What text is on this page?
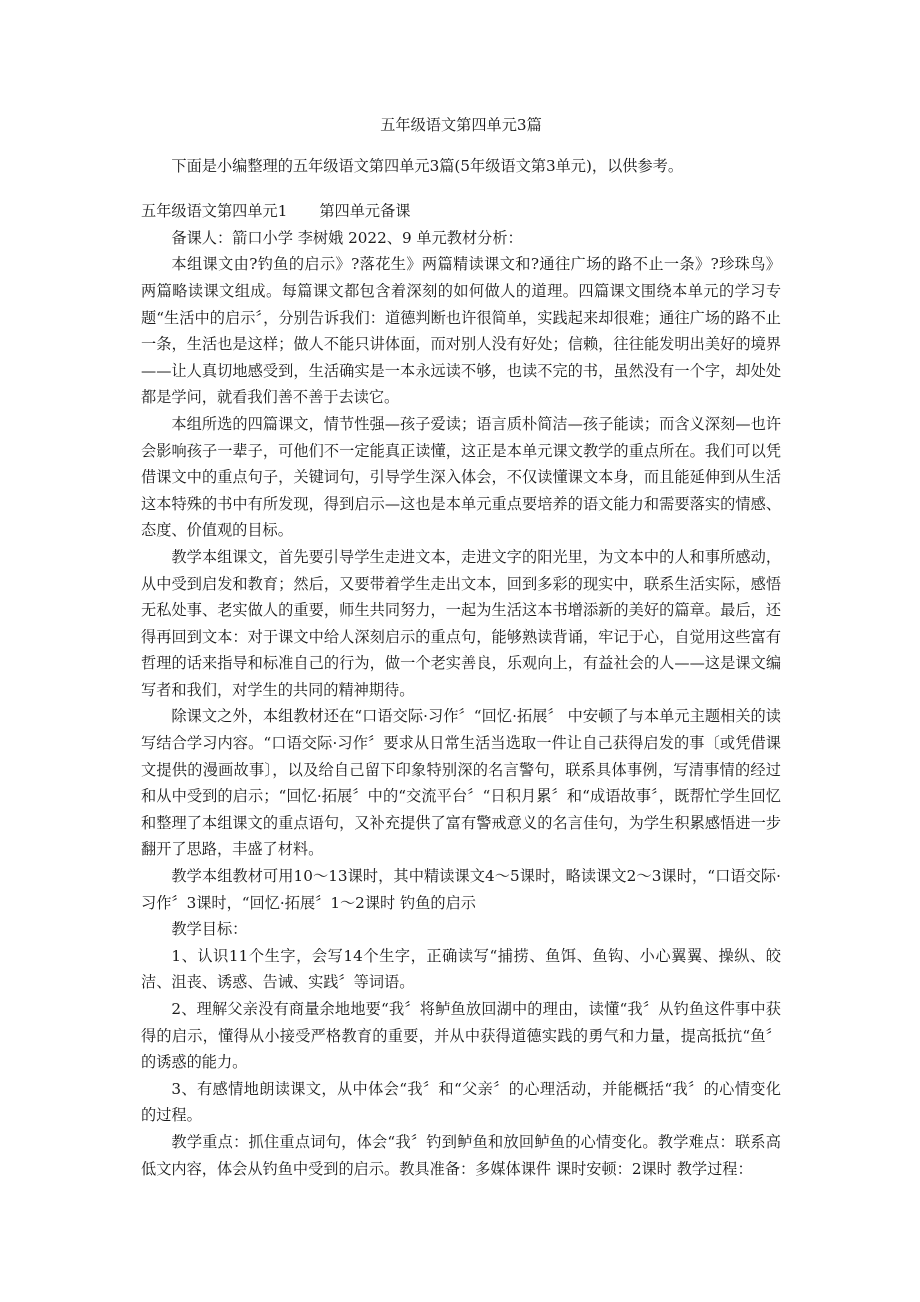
五年级语文第四单元3篇

下面是小编整理的五年级语文第四单元3篇(5年级语文第3单元)，以供参考。

五年级语文第四单元1 第四单元备课

备课人：箭口小学 李树娥 2022、9 单元教材分析：

本组课文由?钓鱼的启示》?落花生》两篇精读课文和?通往广场的路不止一条》?珍珠鸟》两篇略读课文组成。每篇课文都包含着深刻的如何做人的道理。四篇课文围绕本单元的学习专题“生活中的启示〞，分别告诉我们：道德判断也许很简单，实践起来却很难；通往广场的路不止一条，生活也是这样；做人不能只讲体面，而对别人没有好处；信赖，往往能发明出美好的境界——让人真切地感受到，生活确实是一本永远读不够，也读不完的书，虽然没有一个字，却处处都是学问，就看我们善不善于去读它。

本组所选的四篇课文，情节性强—孩子爱读；语言质朴简洁—孩子能读；而含义深刻—也许会影响孩子一辈子，可他们不一定能真正读懂，这正是本单元课文教学的重点所在。我们可以凭借课文中的重点句子，关键词句，引导学生深入体会，不仅读懂课文本身，而且能延伸到从生活这本特殊的书中有所发现，得到启示—这也是本单元重点要培养的语文能力和需要落实的情感、态度、价值观的目标。

教学本组课文，首先要引导学生走进文本，走进文字的阳光里，为文本中的人和事所感动，从中受到启发和教育；然后，又要带着学生走出文本，回到多彩的现实中，联系生活实际，感悟无私处事、老实做人的重要，师生共同努力，一起为生活这本书增添新的美好的篇章。最后，还得再回到文本：对于课文中给人深刻启示的重点句，能够熟读背诵，牢记于心，自觉用这些富有哲理的话来指导和标准自己的行为，做一个老实善良，乐观向上，有益社会的人——这是课文编写者和我们，对学生的共同的精神期待。

除课文之外，本组教材还在“口语交际·习作〞“回忆·拓展〞 中安顿了与本单元主题相关的读写结合学习内容。“口语交际·习作〞要求从日常生活当选取一件让自己获得启发的事〔或凭借课文提供的漫画故事〕，以及给自己留下印象特别深的名言警句，联系具体事例，写清事情的经过和从中受到的启示；“回忆·拓展〞中的“交流平台〞“日积月累〞和“成语故事〞，既帮忙学生回忆和整理了本组课文的重点语句，又补充提供了富有警戒意义的名言佳句，为学生积累感悟进一步翻开了思路，丰盛了材料。

教学本组教材可用10～13课时，其中精读课文4～5课时，略读课文2～3课时，“口语交际·习作〞3课时，“回忆·拓展〞1～2课时 钓鱼的启示

教学目标：

1、认识11个生字，会写14个生字，正确读写“捕捞、鱼饵、鱼钩、小心翼翼、操纵、皎洁、沮丧、诱惑、告诫、实践〞等词语。

2、理解父亲没有商量余地地要“我〞将鲈鱼放回湖中的理由，读懂“我〞从钓鱼这件事中获得的启示，懂得从小接受严格教育的重要，并从中获得道德实践的勇气和力量，提高抵抗“鱼〞的诱惑的能力。

3、有感情地朗读课文，从中体会“我〞和“父亲〞的心理活动，并能概括“我〞的心情变化的过程。

教学重点：抓住重点词句，体会“我〞钓到鲈鱼和放回鲈鱼的心情变化。教学难点：联系高低文内容，体会从钓鱼中受到的启示。教具准备：多媒体课件 课时安顿：2课时 教学过程：
